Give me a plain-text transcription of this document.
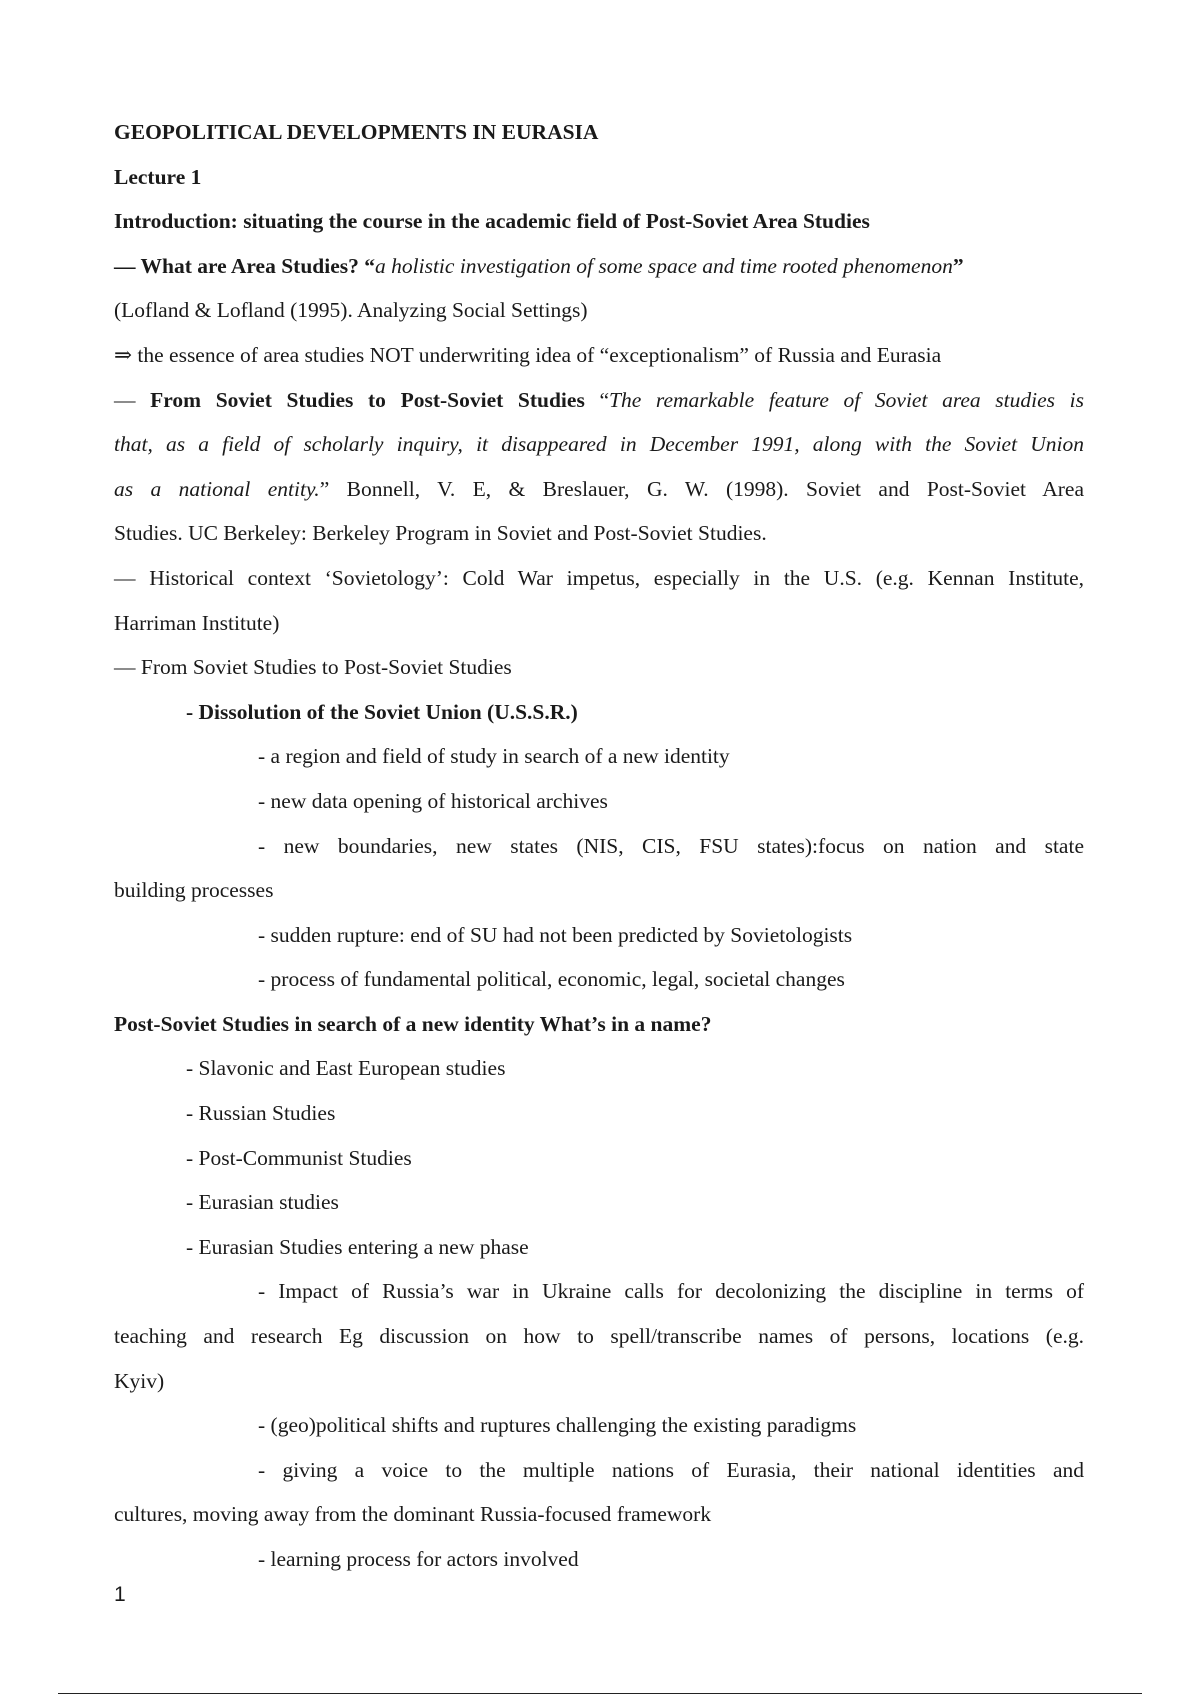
GEOPOLITICAL DEVELOPMENTS IN EURASIA
Lecture 1
Introduction: situating the course in the academic field of Post-Soviet Area Studies
— What are Area Studies? “a holistic investigation of some space and time rooted phenomenon”
(Lofland & Lofland (1995). Analyzing Social Settings)
⇒ the essence of area studies NOT underwriting idea of “exceptionalism” of Russia and Eurasia
— From Soviet Studies to Post-Soviet Studies “The remarkable feature of Soviet area studies is
that, as a field of scholarly inquiry, it disappeared in December 1991, along with the Soviet Union
as a national entity.” Bonnell, V. E, & Breslauer, G. W. (1998). Soviet and Post-Soviet Area
Studies. UC Berkeley: Berkeley Program in Soviet and Post-Soviet Studies.
— Historical context ‘Sovietology’: Cold War impetus, especially in the U.S. (e.g. Kennan Institute,
Harriman Institute)
— From Soviet Studies to Post-Soviet Studies
- Dissolution of the Soviet Union (U.S.S.R.)
- a region and field of study in search of a new identity
- new data opening of historical archives
- new boundaries, new states (NIS, CIS, FSU states):focus on nation and state
building processes
- sudden rupture: end of SU had not been predicted by Sovietologists
- process of fundamental political, economic, legal, societal changes
Post-Soviet Studies in search of a new identity What’s in a name?
- Slavonic and East European studies
- Russian Studies
- Post-Communist Studies
- Eurasian studies
- Eurasian Studies entering a new phase
- Impact of Russia’s war in Ukraine calls for decolonizing the discipline in terms of
teaching and research Eg discussion on how to spell/transcribe names of persons, locations (e.g.
Kyiv)
- (geo)political shifts and ruptures challenging the existing paradigms
- giving a voice to the multiple nations of Eurasia, their national identities and
cultures, moving away from the dominant Russia-focused framework
- learning process for actors involved
1
